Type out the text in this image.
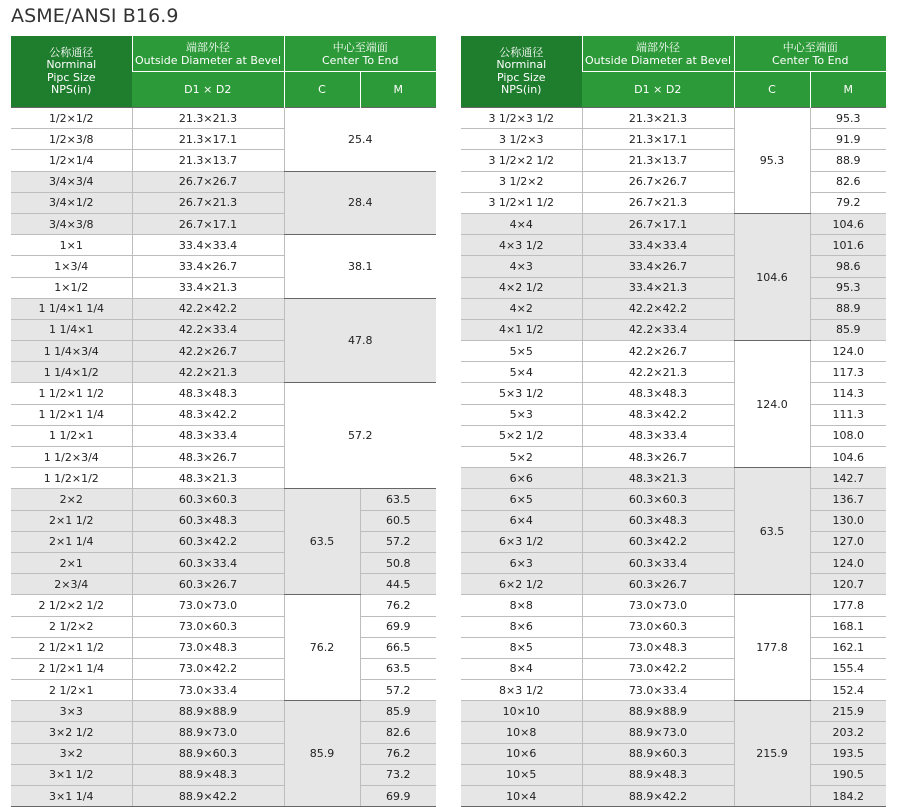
ASME/ANSI B16.9
公称通径
Norminal
Pipc Size
NPS(in)	端部外径
Outside Diameter at Bevel	中心至端面
Center To End	
	D1 × D2	C	M
1/2×1/2	21.3×21.3	25.4	
1/2×3/8	21.3×17.1		
1/2×1/4	21.3×13.7		
3/4×3/4	26.7×26.7	28.4	
3/4×1/2	26.7×21.3		
3/4×3/8	26.7×17.1		
1×1	33.4×33.4	38.1	
1×3/4	33.4×26.7		
1×1/2	33.4×21.3		
1 1/4×1 1/4	42.2×42.2	47.8	
1 1/4×1	42.2×33.4		
1 1/4×3/4	42.2×26.7		
1 1/4×1/2	42.2×21.3		
1 1/2×1 1/2	48.3×48.3	57.2	
1 1/2×1 1/4	48.3×42.2		
1 1/2×1	48.3×33.4		
1 1/2×3/4	48.3×26.7		
1 1/2×1/2	48.3×21.3		
2×2	60.3×60.3	63.5	63.5
2×1 1/2	60.3×48.3		60.5
2×1 1/4	60.3×42.2		57.2
2×1	60.3×33.4		50.8
2×3/4	60.3×26.7		44.5
2 1/2×2 1/2	73.0×73.0	76.2	76.2
2 1/2×2	73.0×60.3		69.9
2 1/2×1 1/2	73.0×48.3		66.5
2 1/2×1 1/4	73.0×42.2		63.5
2 1/2×1	73.0×33.4		57.2
3×3	88.9×88.9	85.9	85.9
3×2 1/2	88.9×73.0		82.6
3×2	88.9×60.3		76.2
3×1 1/2	88.9×48.3		73.2
3×1 1/4	88.9×42.2		69.9
公称通径
Norminal
Pipc Size
NPS(in)	端部外径
Outside Diameter at Bevel	中心至端面
Center To End	
	D1 × D2	C	M
3 1/2×3 1/2	21.3×21.3	95.3	95.3
3 1/2×3	21.3×17.1		91.9
3 1/2×2 1/2	21.3×13.7		88.9
3 1/2×2	26.7×26.7		82.6
3 1/2×1 1/2	26.7×21.3		79.2
4×4	26.7×17.1	104.6	104.6
4×3 1/2	33.4×33.4		101.6
4×3	33.4×26.7		98.6
4×2 1/2	33.4×21.3		95.3
4×2	42.2×42.2		88.9
4×1 1/2	42.2×33.4		85.9
5×5	42.2×26.7	124.0	124.0
5×4	42.2×21.3		117.3
5×3 1/2	48.3×48.3		114.3
5×3	48.3×42.2		111.3
5×2 1/2	48.3×33.4		108.0
5×2	48.3×26.7		104.6
6×6	48.3×21.3	63.5	142.7
6×5	60.3×60.3		136.7
6×4	60.3×48.3		130.0
6×3 1/2	60.3×42.2		127.0
6×3	60.3×33.4		124.0
6×2 1/2	60.3×26.7		120.7
8×8	73.0×73.0	177.8	177.8
8×6	73.0×60.3		168.1
8×5	73.0×48.3		162.1
8×4	73.0×42.2		155.4
8×3 1/2	73.0×33.4		152.4
10×10	88.9×88.9	215.9	215.9
10×8	88.9×73.0		203.2
10×6	88.9×60.3		193.5
10×5	88.9×48.3		190.5
10×4	88.9×42.2		184.2
